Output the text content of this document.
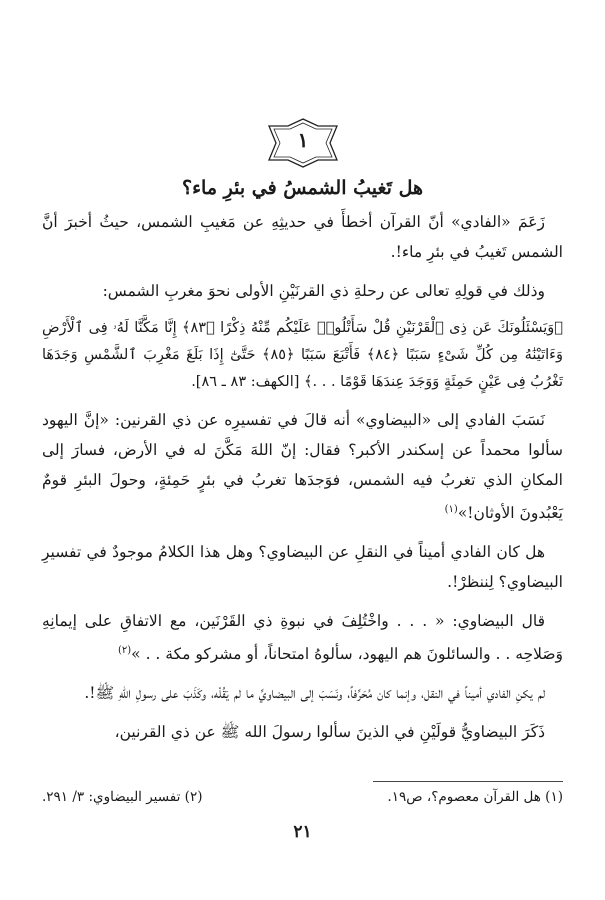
١
هل تَغيبُ الشمسُ في بئرِ ماء؟

زَعَمَ «الفادي» أنّ القرآن أخطأَ في حديثِهِ عن مَغيبِ الشمس، حيثُ أخبرَ أنَّ الشمس تَغيبُ في بئرِ ماء!.

وذلك في قولِهِ تعالى عن رحلةِ ذي القرنَيْنِ الأولى نحوَ مغربِ الشمس:

﴿وَيَسْئَلُونَكَ عَن ذِى ٱلْقَرْنَيْنِ قُلْ سَأَتْلُوا۟ عَلَيْكُم مِّنْهُ ذِكْرًا ﴿٨٣﴾ إِنَّا مَكَّنَّا لَهُۥ فِى ٱلْأَرْضِ وَءَاتَيْنَٰهُ مِن كُلِّ شَىْءٍ سَبَبًا ﴿٨٤﴾ فَأَتْبَعَ سَبَبًا ﴿٨٥﴾ حَتَّىٰٓ إِذَا بَلَغَ مَغْرِبَ ٱلشَّمْسِ وَجَدَهَا تَغْرُبُ فِى عَيْنٍ حَمِئَةٍ وَوَجَدَ عِندَهَا قَوْمًا . . .﴾ [الكهف: ٨٣ ـ ٨٦].

نَسَبَ الفادي إلى «البيضاوي» أنه قالَ في تفسيرِه عن ذي القرنين: «إنَّ اليهود سألوا محمداً عن إسكندر الأكبر؟ فقال: إنّ اللهَ مَكَّنَ له في الأرض، فسارَ إلى المكانِ الذي تغربُ فيه الشمس، فوَجدَها تغربُ في بئرٍ حَمِئةٍ، وحولَ البئرِ قومٌ يَعْبُدونَ الأوثان!»$^{(١)}$

هل كان الفادي أميناً في النقلِ عن البيضاوي؟ وهل هذا الكلامُ موجودٌ في تفسيرِ البيضاوي؟ لِننظرْ!.

قال البيضاوي: « . . . واخْتُلِفَ في نبوةِ ذي القَرْنَين، مع الاتفاقِ على إيمانِهِ وَصَلاحِه . . والسائلونَ هم اليهود، سألوهُ امتحاناً، أو مشركو مكة . . »$^{(٢)}$

لم يكنِ الفادي أميناً في النقل، وإنما كان مُحَرِّفاً، ونَسَبَ إلى البيضاويِّ ما لم يَقُلْه، وكَذَبَ على رسولِ اللهِ ﷺ!.

ذَكَرَ البيضاويُّ قولَيْنِ في الذينَ سألوا رسولَ الله ﷺ عن ذي القرنين،

(١) هل القرآن معصوم؟، ص١٩.
(٢) تفسير البيضاوي: ٣/ ٢٩١.
٢١
